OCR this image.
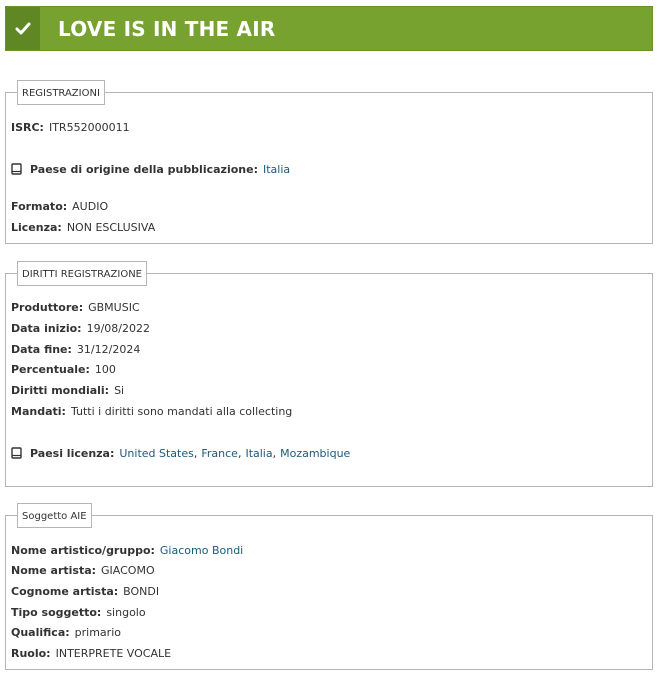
LOVE IS IN THE AIR
REGISTRAZIONI
ISRC: ITR552000011
Paese di origine della pubblicazione: Italia
Formato: AUDIO
Licenza: NON ESCLUSIVA
DIRITTI REGISTRAZIONE
Produttore: GBMUSIC
Data inizio: 19/08/2022
Data fine: 31/12/2024
Percentuale: 100
Diritti mondiali: Si
Mandati: Tutti i diritti sono mandati alla collecting
Paesi licenza: United States, France, Italia, Mozambique
Soggetto AIE
Nome artistico/gruppo: Giacomo Bondi
Nome artista: GIACOMO
Cognome artista: BONDI
Tipo soggetto: singolo
Qualifica: primario
Ruolo: INTERPRETE VOCALE
